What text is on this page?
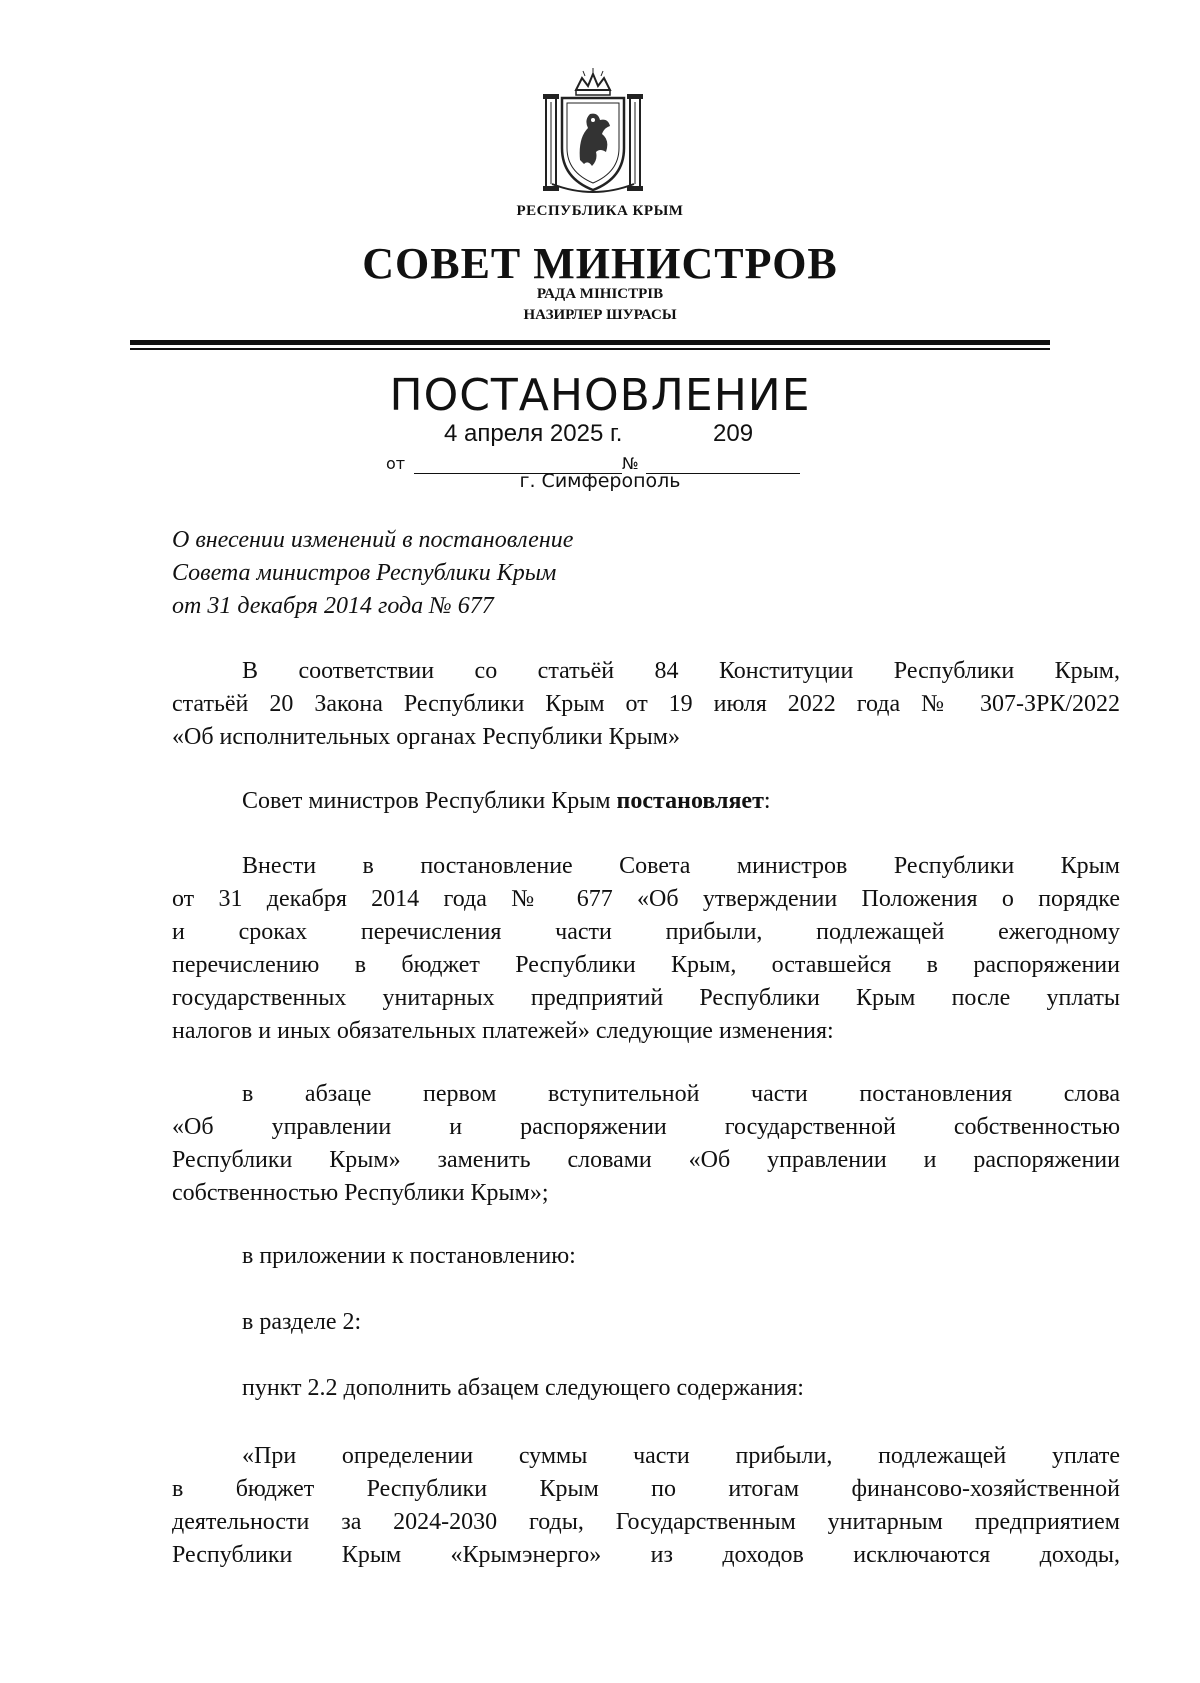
РЕСПУБЛИКА КРЫМ
СОВЕТ МИНИСТРОВ
РАДА МІНІСТРІВ
НАЗИРЛЕР ШУРАСЫ
ПОСТАНОВЛЕНИЕ
4 апреля 2025 г.	209
от	№
г. Симферополь
О внесении изменений в постановление
Совета министров Республики Крым
от 31 декабря 2014 года № 677
В соответствии со статьёй 84 Конституции Республики Крым,
статьёй 20 Закона Республики Крым от 19 июля 2022 года № 307-ЗРК/2022
«Об исполнительных органах Республики Крым»
Совет министров Республики Крым постановляет:
Внести в постановление Совета министров Республики Крым
от 31 декабря 2014 года № 677 «Об утверждении Положения о порядке
и сроках перечисления части прибыли, подлежащей ежегодному
перечислению в бюджет Республики Крым, оставшейся в распоряжении
государственных унитарных предприятий Республики Крым после уплаты
налогов и иных обязательных платежей» следующие изменения:
в абзаце первом вступительной части постановления слова
«Об управлении и распоряжении государственной собственностью
Республики Крым» заменить словами «Об управлении и распоряжении
собственностью Республики Крым»;
в приложении к постановлению:
в разделе 2:
пункт 2.2 дополнить абзацем следующего содержания:
«При определении суммы части прибыли, подлежащей уплате
в бюджет Республики Крым по итогам финансово-хозяйственной
деятельности за 2024-2030 годы, Государственным унитарным предприятием
Республики Крым «Крымэнерго» из доходов исключаются доходы,
